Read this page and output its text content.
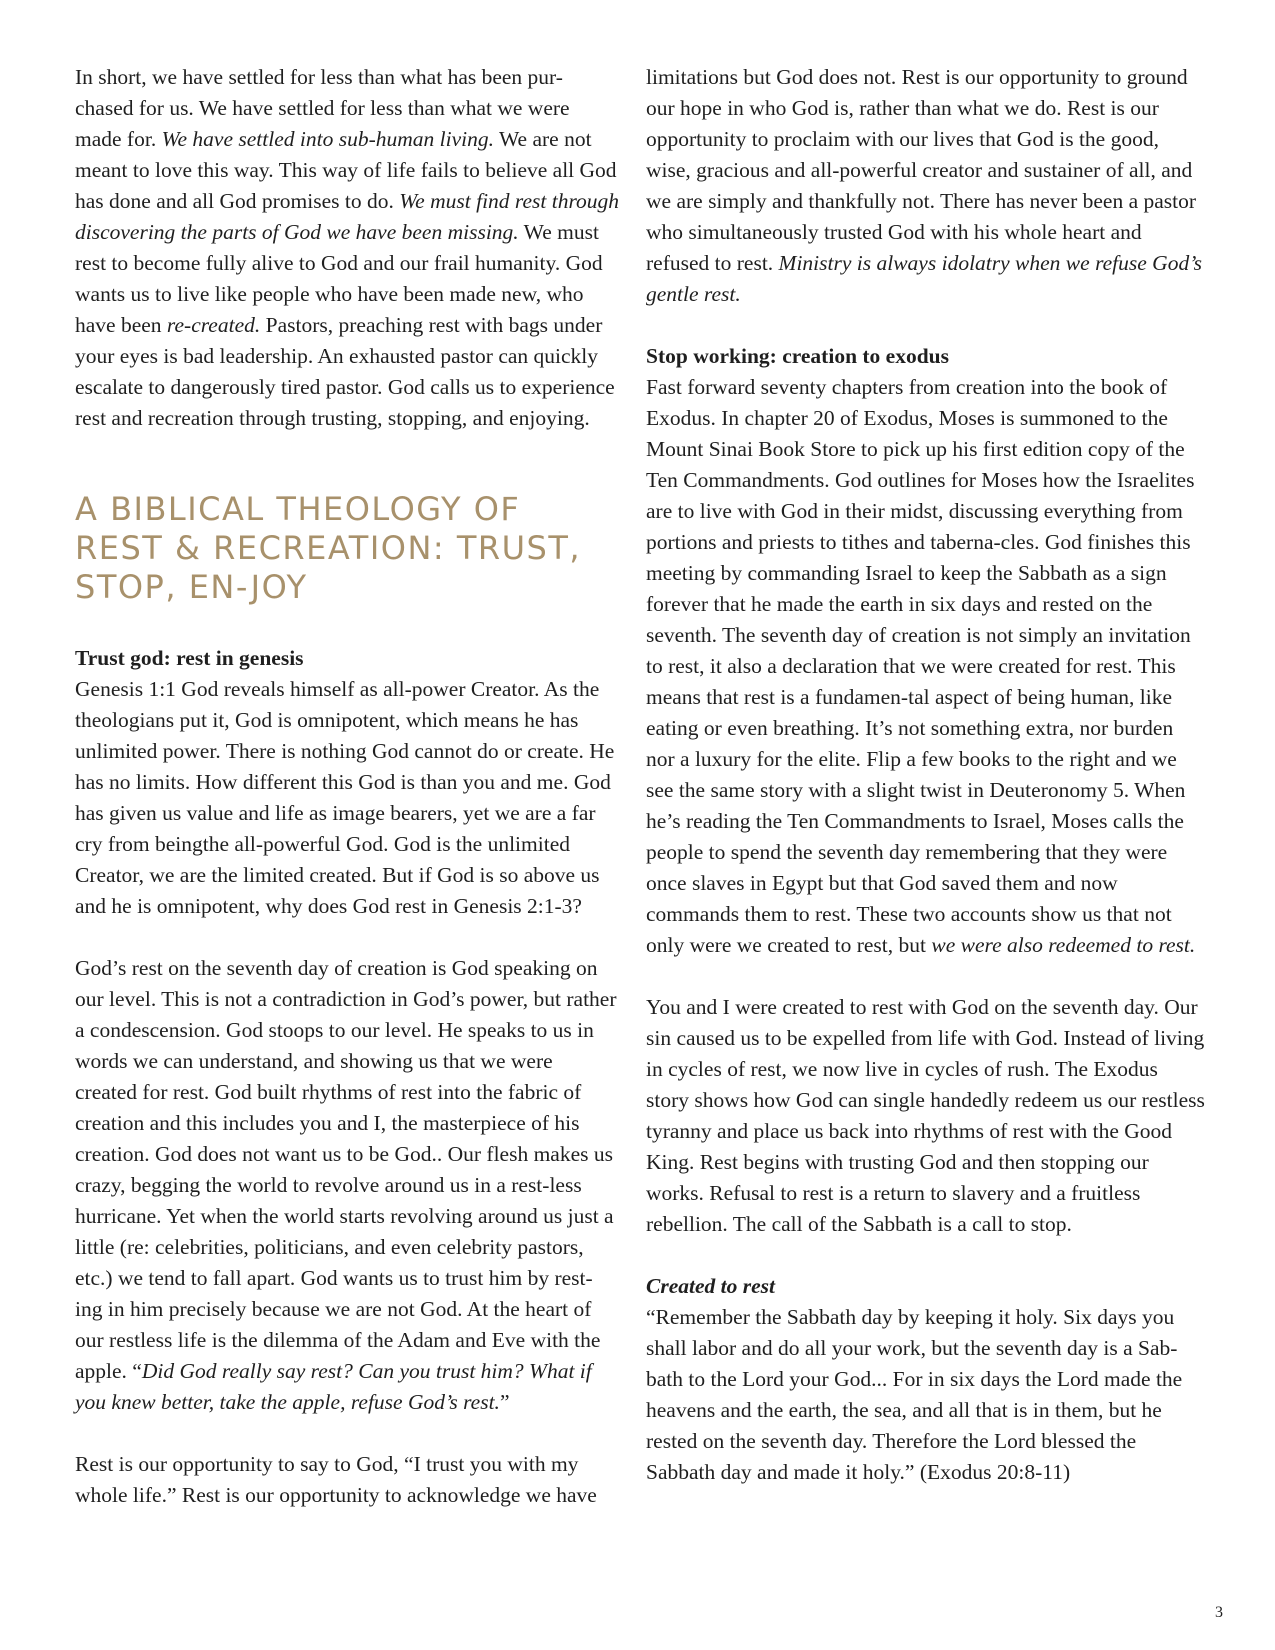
In short, we have settled for less than what has been pur-chased for us. We have settled for less than what we were made for. We have settled into sub-human living. We are not meant to love this way. This way of life fails to believe all God has done and all God promises to do. We must find rest through discovering the parts of God we have been missing. We must rest to become fully alive to God and our frail humanity. God wants us to live like people who have been made new, who have been re-created. Pastors, preaching rest with bags under your eyes is bad leadership. An exhausted pastor can quickly escalate to dangerously tired pastor. God calls us to experience rest and recreation through trusting, stopping, and enjoying.

A BIBLICAL THEOLOGY OF REST & RECREATION: TRUST, STOP, EN-JOY
Trust god: rest in genesis

Genesis 1:1 God reveals himself as all-power Creator. As the theologians put it, God is omnipotent, which means he has unlimited power. There is nothing God cannot do or create. He has no limits. How different this God is than you and me. God has given us value and life as image bearers, yet we are a far cry from beingthe all-powerful God. God is the unlimited Creator, we are the limited created. But if God is so above us and he is omnipotent, why does God rest in Genesis 2:1-3?

God’s rest on the seventh day of creation is God speaking on our level. This is not a contradiction in God’s power, but rather a condescension. God stoops to our level. He speaks to us in words we can understand, and showing us that we were created for rest. God built rhythms of rest into the fabric of creation and this includes you and I, the masterpiece of his creation. God does not want us to be God.. Our flesh makes us crazy, begging the world to revolve around us in a rest-less hurricane. Yet when the world starts revolving around us just a little (re: celebrities, politicians, and even celebrity pastors, etc.) we tend to fall apart. God wants us to trust him by rest-ing in him precisely because we are not God. At the heart of our restless life is the dilemma of the Adam and Eve with the apple. “Did God really say rest? Can you trust him? What if you knew better, take the apple, refuse God’s rest.”

Rest is our opportunity to say to God, “I trust you with my whole life.” Rest is our opportunity to acknowledge we have

limitations but God does not. Rest is our opportunity to ground our hope in who God is, rather than what we do. Rest is our opportunity to proclaim with our lives that God is the good, wise, gracious and all-powerful creator and sustainer of all, and we are simply and thankfully not. There has never been a pastor who simultaneously trusted God with his whole heart and refused to rest. Ministry is always idolatry when we refuse God’s gentle rest.

Stop working: creation to exodus

Fast forward seventy chapters from creation into the book of Exodus. In chapter 20 of Exodus, Moses is summoned to the Mount Sinai Book Store to pick up his first edition copy of the Ten Commandments. God outlines for Moses how the Israelites are to live with God in their midst, discussing everything from portions and priests to tithes and taberna-cles. God finishes this meeting by commanding Israel to keep the Sabbath as a sign forever that he made the earth in six days and rested on the seventh. The seventh day of creation is not simply an invitation to rest, it also a declaration that we were created for rest. This means that rest is a fundamen-tal aspect of being human, like eating or even breathing. It’s not something extra, nor burden nor a luxury for the elite. Flip a few books to the right and we see the same story with a slight twist in Deuteronomy 5. When he’s reading the Ten Commandments to Israel, Moses calls the people to spend the seventh day remembering that they were once slaves in Egypt but that God saved them and now commands them to rest. These two accounts show us that not only were we created to rest, but we were also redeemed to rest.

You and I were created to rest with God on the seventh day. Our sin caused us to be expelled from life with God. Instead of living in cycles of rest, we now live in cycles of rush. The Exodus story shows how God can single handedly redeem us our restless tyranny and place us back into rhythms of rest with the Good King. Rest begins with trusting God and then stopping our works. Refusal to rest is a return to slavery and a fruitless rebellion. The call of the Sabbath is a call to stop.

Created to rest

“Remember the Sabbath day by keeping it holy. Six days you shall labor and do all your work, but the seventh day is a Sab-bath to the Lord your God... For in six days the Lord made the heavens and the earth, the sea, and all that is in them, but he rested on the seventh day. Therefore the Lord blessed the Sabbath day and made it holy.” (Exodus 20:8-11)

3
